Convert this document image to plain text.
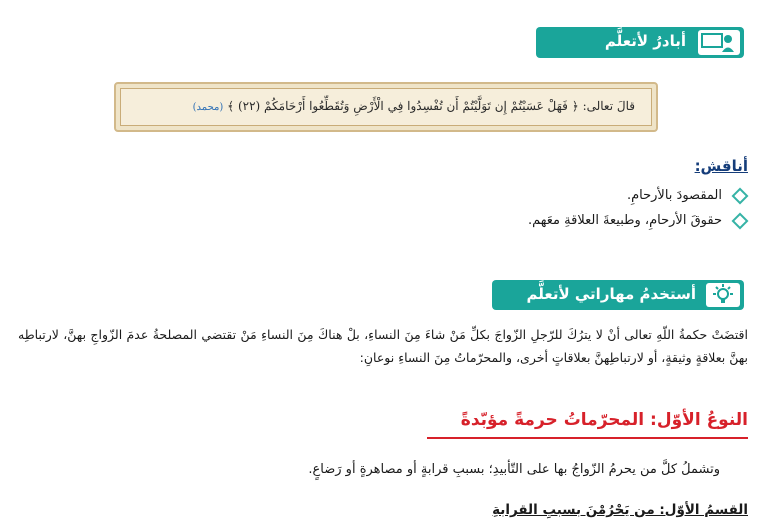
أبادرُ لأتعلَّم
قالَ تعالى: ﴿ فَهَلْ عَسَيْتُمْ إِن تَوَلَّيْتُمْ أَن تُفْسِدُوا فِي الْأَرْضِ وَتُقَطِّعُوا أَرْحَامَكُمْ (٢٢) ﴾ (محمد)
أناقش:
المقصودَ بالأرحامِ.
حقوقَ الأرحامِ، وطبيعةَ العلاقةِ معَهم.
أستخدمُ مهاراتي لأتعلَّم
اقتضَتْ حكمةُ اللّهِ تعالى أنْ لا يترُكَ للرّجلِ الزّواجَ بكلِّ مَنْ شاءَ مِنَ النساءِ، بلْ هناكَ مِنَ النساءِ مَنْ تقتضي المصلحةُ عدمَ الزّواجِ بهنَّ، لارتباطِه بهنَّ بعلاقةٍ وثيقةٍ، أو لارتباطِهنَّ بعلاقاتٍ أخرى، والمحرّماتُ مِنَ النساءِ نوعانِ:
النوعُ الأوّل: المحرّماتُ حرمةً مؤبّدةً
وتشملُ كلَّ من يحرمُ الزّواجُ بها على التّأبيدِ؛ بسببِ قرابةٍ أو مصاهرةٍ أو رَضاعٍ.
القسمُ الأوّل: من يَحْرُمْنَ بسببِ القرابةِ
